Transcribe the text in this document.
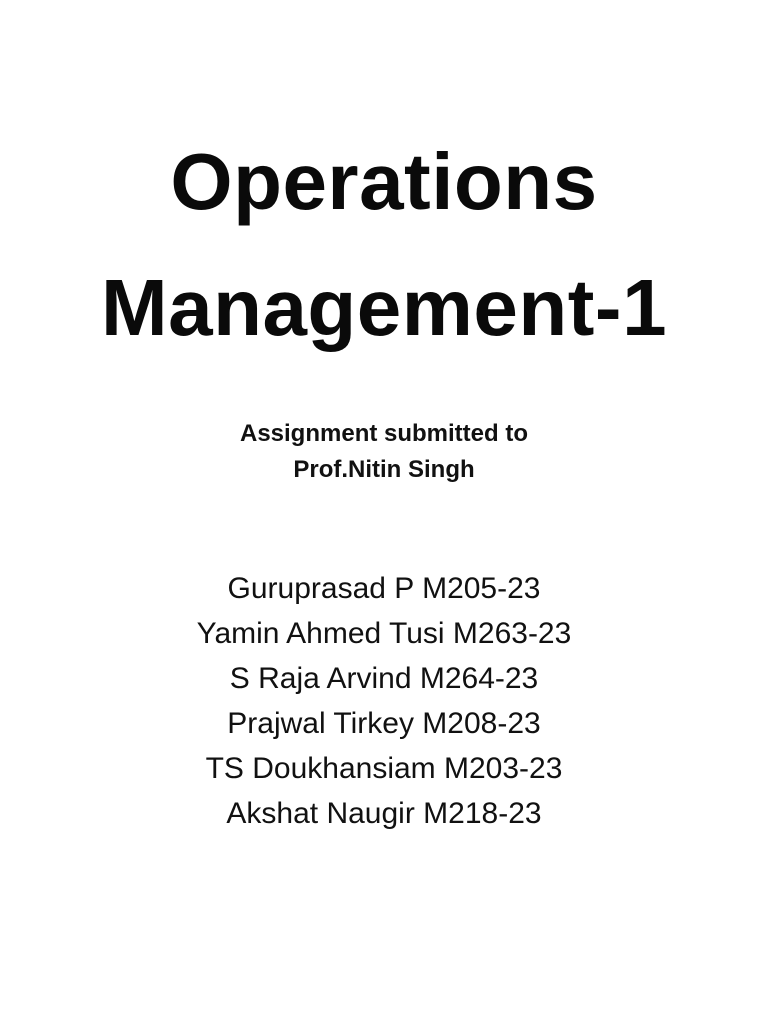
Operations
Management-1
Assignment submitted to
Prof.Nitin Singh
Guruprasad P M205-23
Yamin Ahmed Tusi M263-23
S Raja Arvind M264-23
Prajwal Tirkey M208-23
TS Doukhansiam M203-23
Akshat Naugir M218-23
